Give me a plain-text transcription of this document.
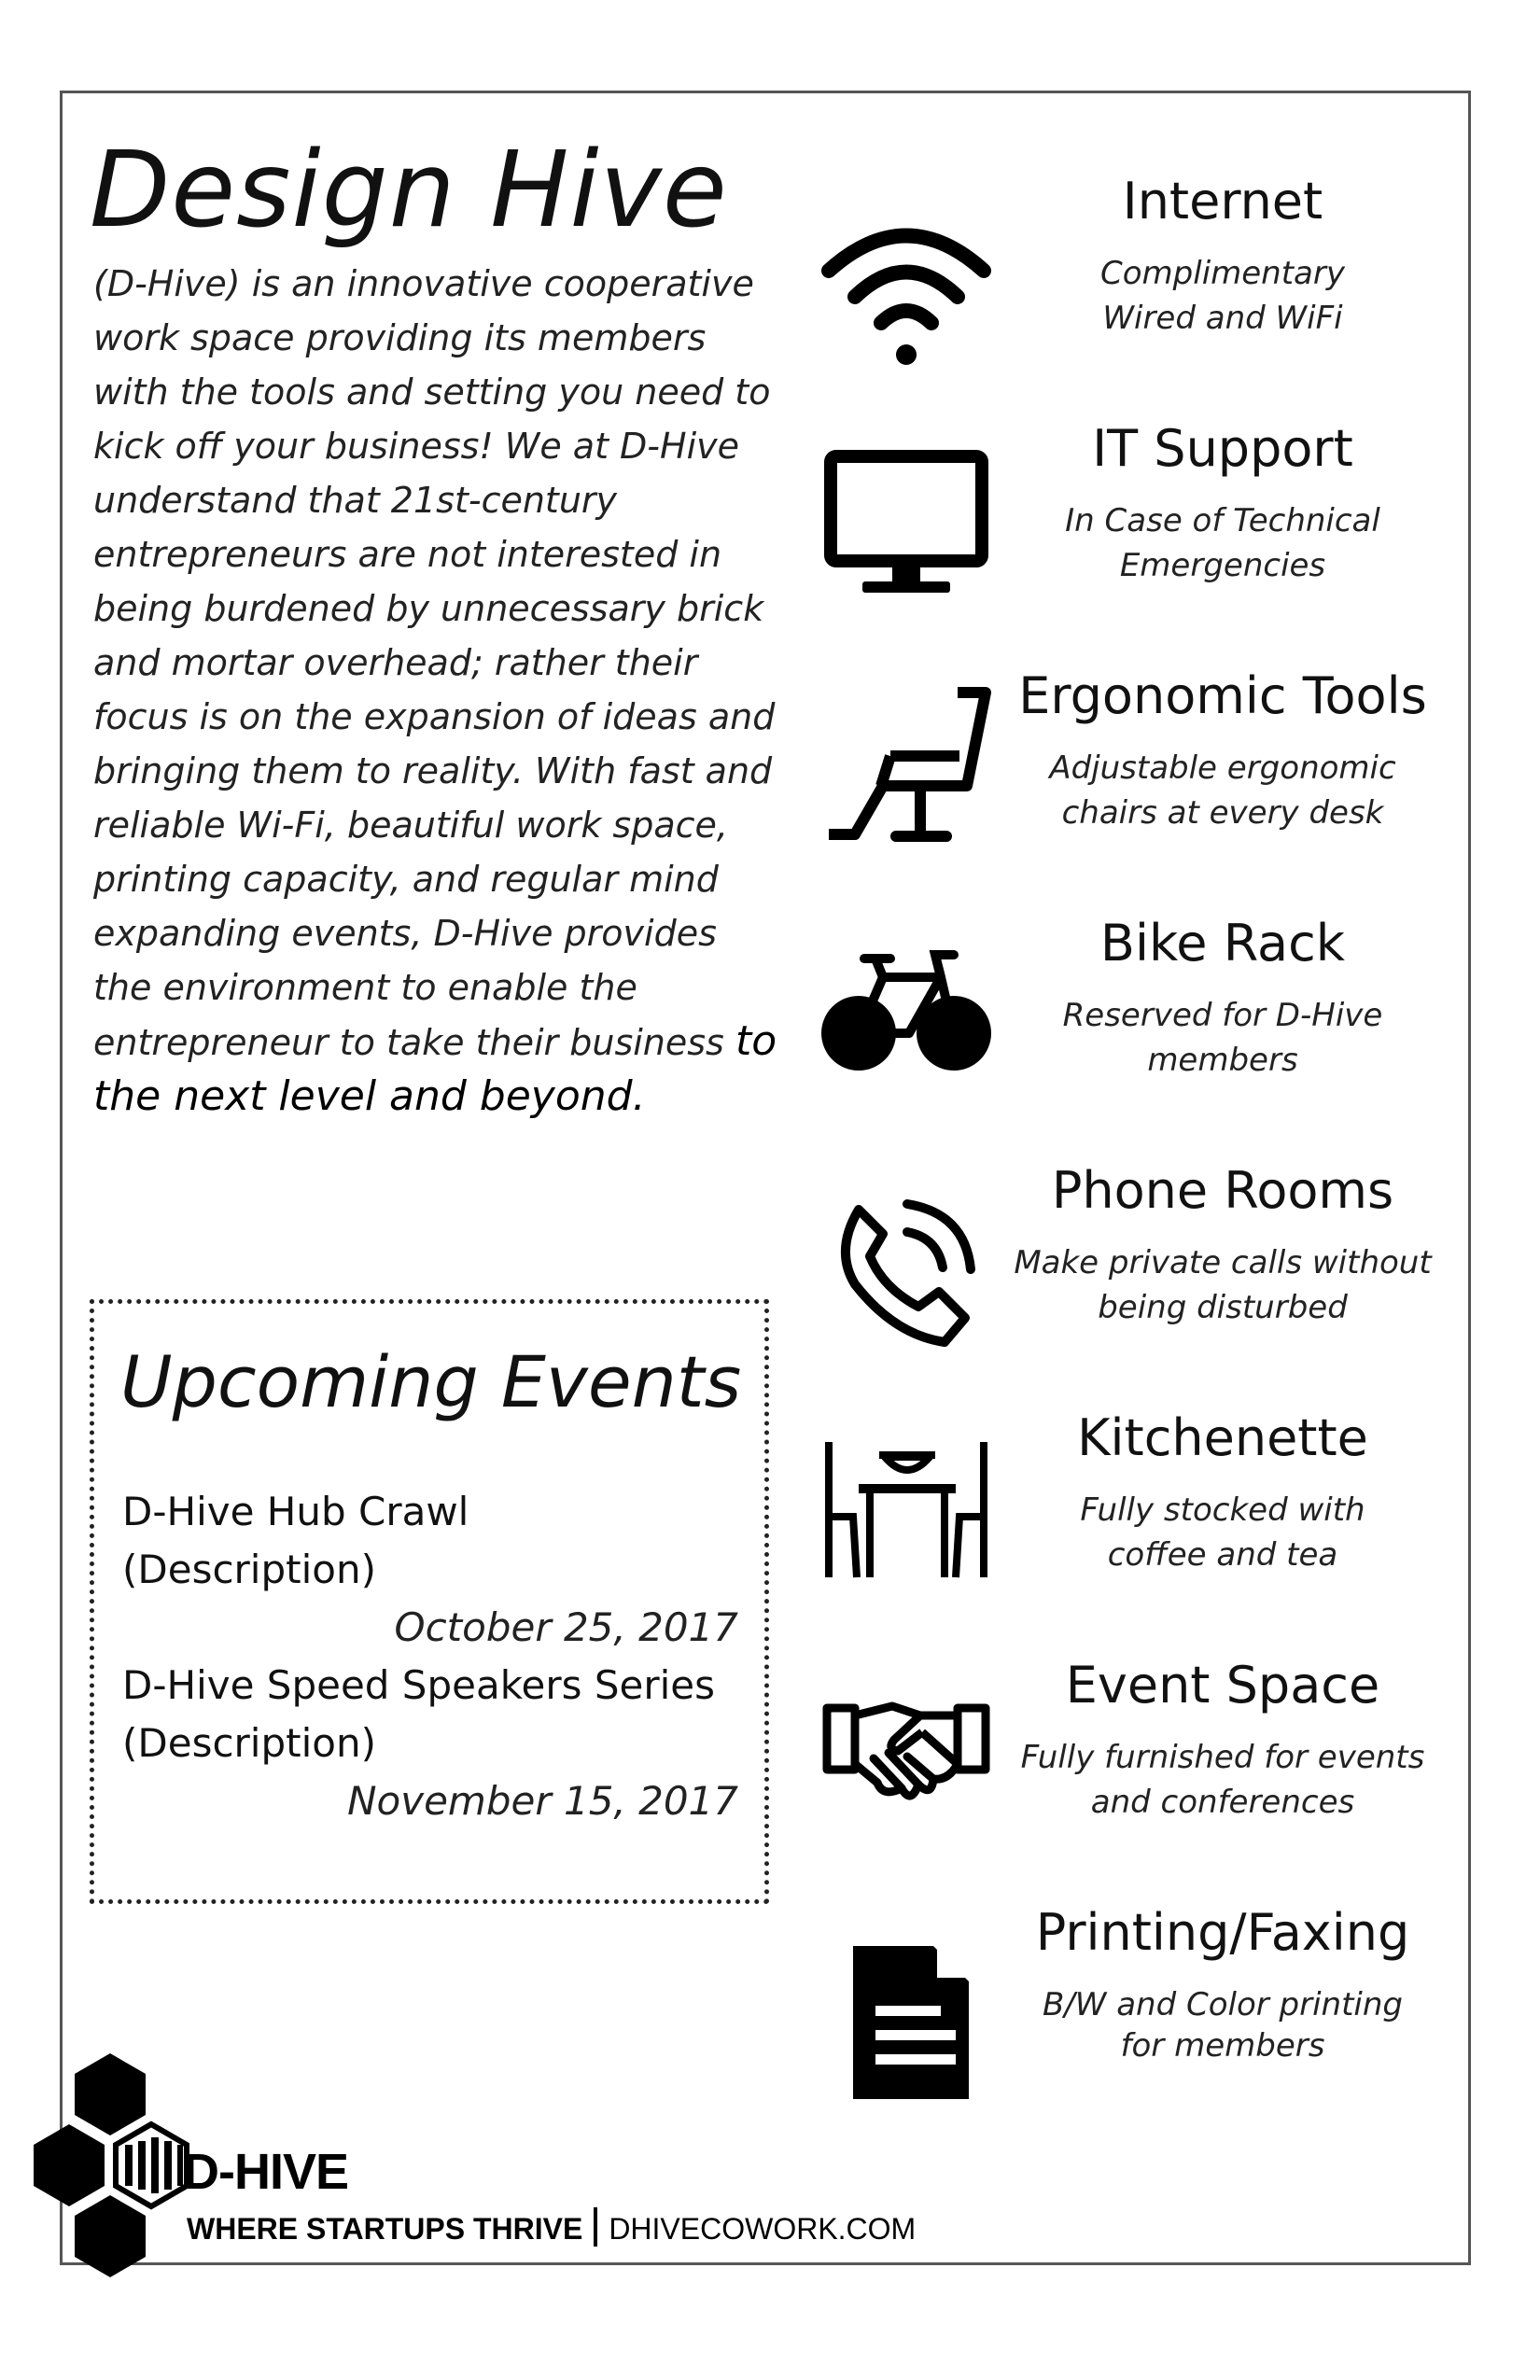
Design Hive

(D-Hive) is an innovative cooperative work space providing its members with the tools and setting you need to kick off your business! We at D-Hive understand that 21st-century entrepreneurs are not interested in being burdened by unnecessary brick and mortar overhead; rather their focus is on the expansion of ideas and bringing them to reality. With fast and reliable Wi-Fi, beautiful work space, printing capacity, and regular mind expanding events, D-Hive provides the environment to enable the entrepreneur to take their business to the next level and beyond.

Upcoming Events
D-Hive Hub Crawl
(Description)
October 25, 2017
D-Hive Speed Speakers Series
(Description)
November 15, 2017
Internet
Complimentary
Wired and WiFi
IT Support
In Case of Technical
Emergencies
Ergonomic Tools
Adjustable ergonomic
chairs at every desk
Bike Rack
Reserved for D-Hive
members
Phone Rooms
Make private calls without
being disturbed
Kitchenette
Fully stocked with
coffee and tea
Event Space
Fully furnished for events
and conferences
Printing/Faxing
B/W and Color printing
for members
D-HIVE
WHERE STARTUPS THRIVE DHIVECOWORK.COM
